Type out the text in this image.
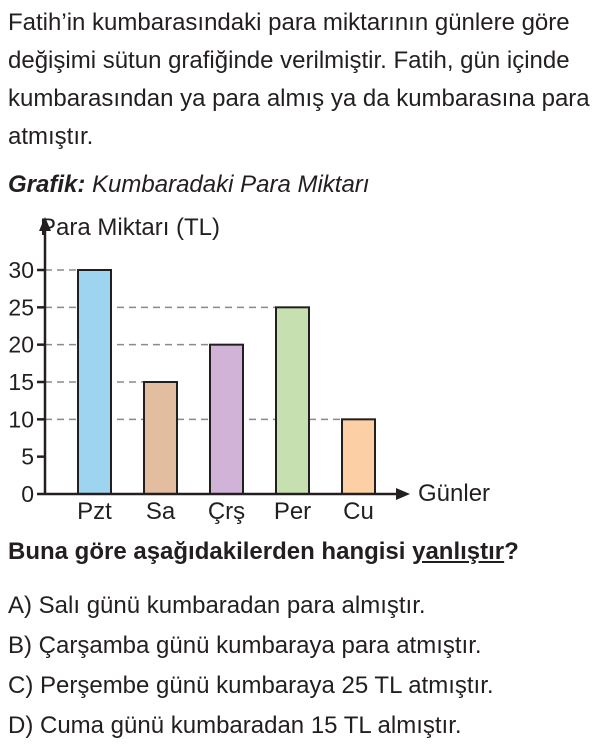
Fatih’in kumbarasındaki para miktarının günlere göre değişimi sütun grafiğinde verilmiştir. Fatih, gün içinde kumbarasından ya para almış ya da kumbarasına para atmıştır.

Grafik: Kumbaradaki Para Miktarı

0
5
10
15
20
25
30
Pzt Sa Çrş Per Cu
Para Miktarı (TL)
Günler

Buna göre aşağıdakilerden hangisi yanlıştır?

A) Salı günü kumbaradan para almıştır.
B) Çarşamba günü kumbaraya para atmıştır.
C) Perşembe günü kumbaraya 25 TL atmıştır.
D) Cuma günü kumbaradan 15 TL almıştır.
